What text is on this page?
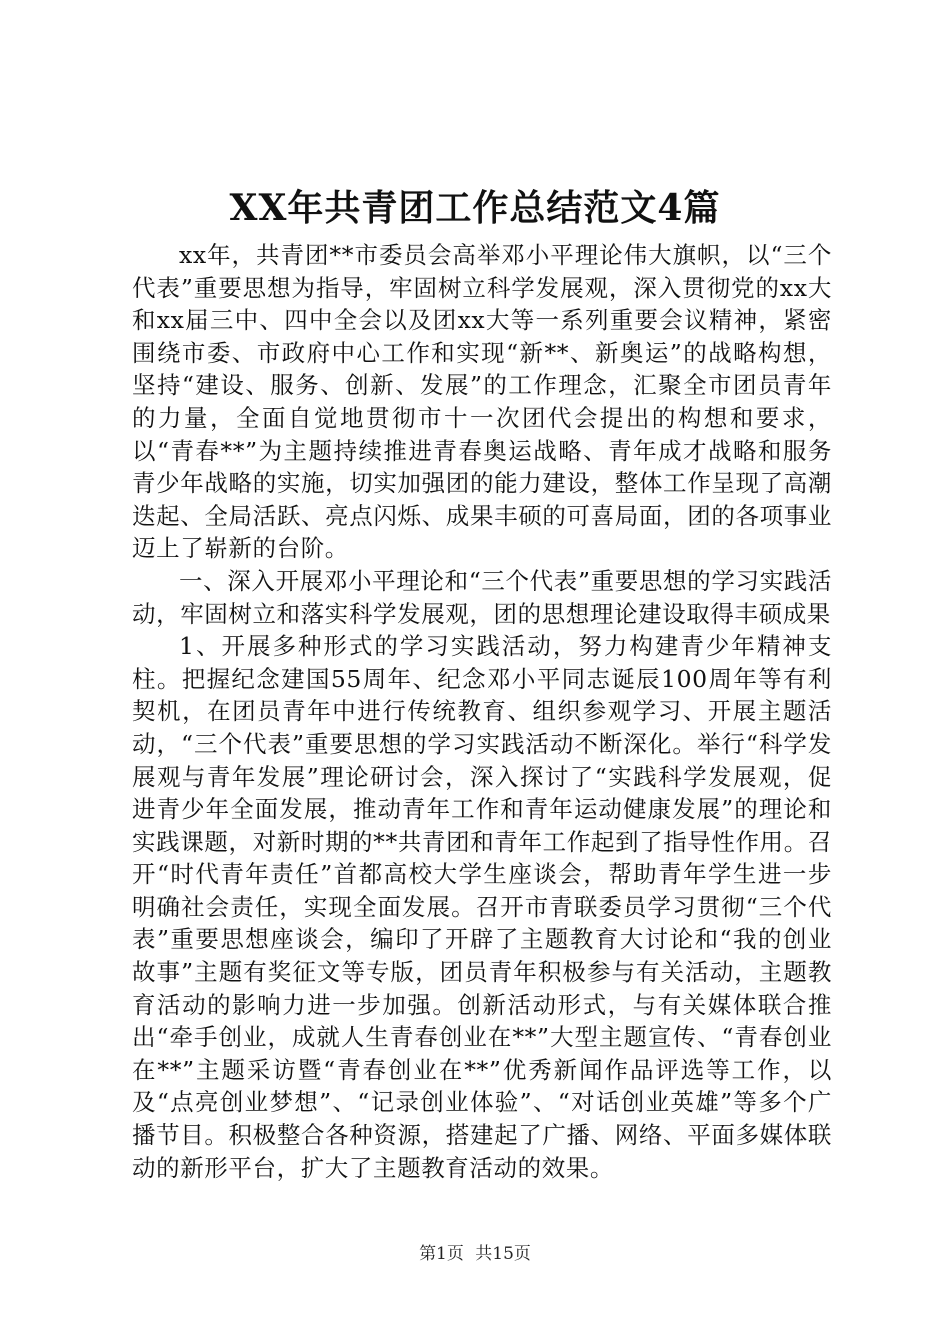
XX年共青团工作总结范文4篇

xx年，共青团**市委员会高举邓小平理论伟大旗帜，以“三个代表”重要思想为指导，牢固树立科学发展观，深入贯彻党的xx大和xx届三中、四中全会以及团xx大等一系列重要会议精神，紧密围绕市委、市政府中心工作和实现“新**、新奥运”的战略构想，坚持“建设、服务、创新、发展”的工作理念，汇聚全市团员青年的力量，全面自觉地贯彻市十一次团代会提出的构想和要求，以“青春**”为主题持续推进青春奥运战略、青年成才战略和服务青少年战略的实施，切实加强团的能力建设，整体工作呈现了高潮迭起、全局活跃、亮点闪烁、成果丰硕的可喜局面，团的各项事业迈上了崭新的台阶。

一、深入开展邓小平理论和“三个代表”重要思想的学习实践活动，牢固树立和落实科学发展观，团的思想理论建设取得丰硕成果

1、开展多种形式的学习实践活动，努力构建青少年精神支柱。把握纪念建国55周年、纪念邓小平同志诞辰100周年等有利契机，在团员青年中进行传统教育、组织参观学习、开展主题活动，“三个代表”重要思想的学习实践活动不断深化。举行“科学发展观与青年发展”理论研讨会，深入探讨了“实践科学发展观，促进青少年全面发展，推动青年工作和青年运动健康发展”的理论和实践课题，对新时期的**共青团和青年工作起到了指导性作用。召开“时代青年责任”首都高校大学生座谈会，帮助青年学生进一步明确社会责任，实现全面发展。召开市青联委员学习贯彻“三个代表”重要思想座谈会，编印了开辟了主题教育大讨论和“我的创业故事”主题有奖征文等专版，团员青年积极参与有关活动，主题教育活动的影响力进一步加强。创新活动形式，与有关媒体联合推出“牵手创业，成就人生青春创业在**”大型主题宣传、“青春创业在**”主题采访暨“青春创业在**”优秀新闻作品评选等工作，以及“点亮创业梦想”、“记录创业体验”、“对话创业英雄”等多个广播节目。积极整合各种资源，搭建起了广播、网络、平面多媒体联动的新形平台，扩大了主题教育活动的效果。

第1页 共15页
